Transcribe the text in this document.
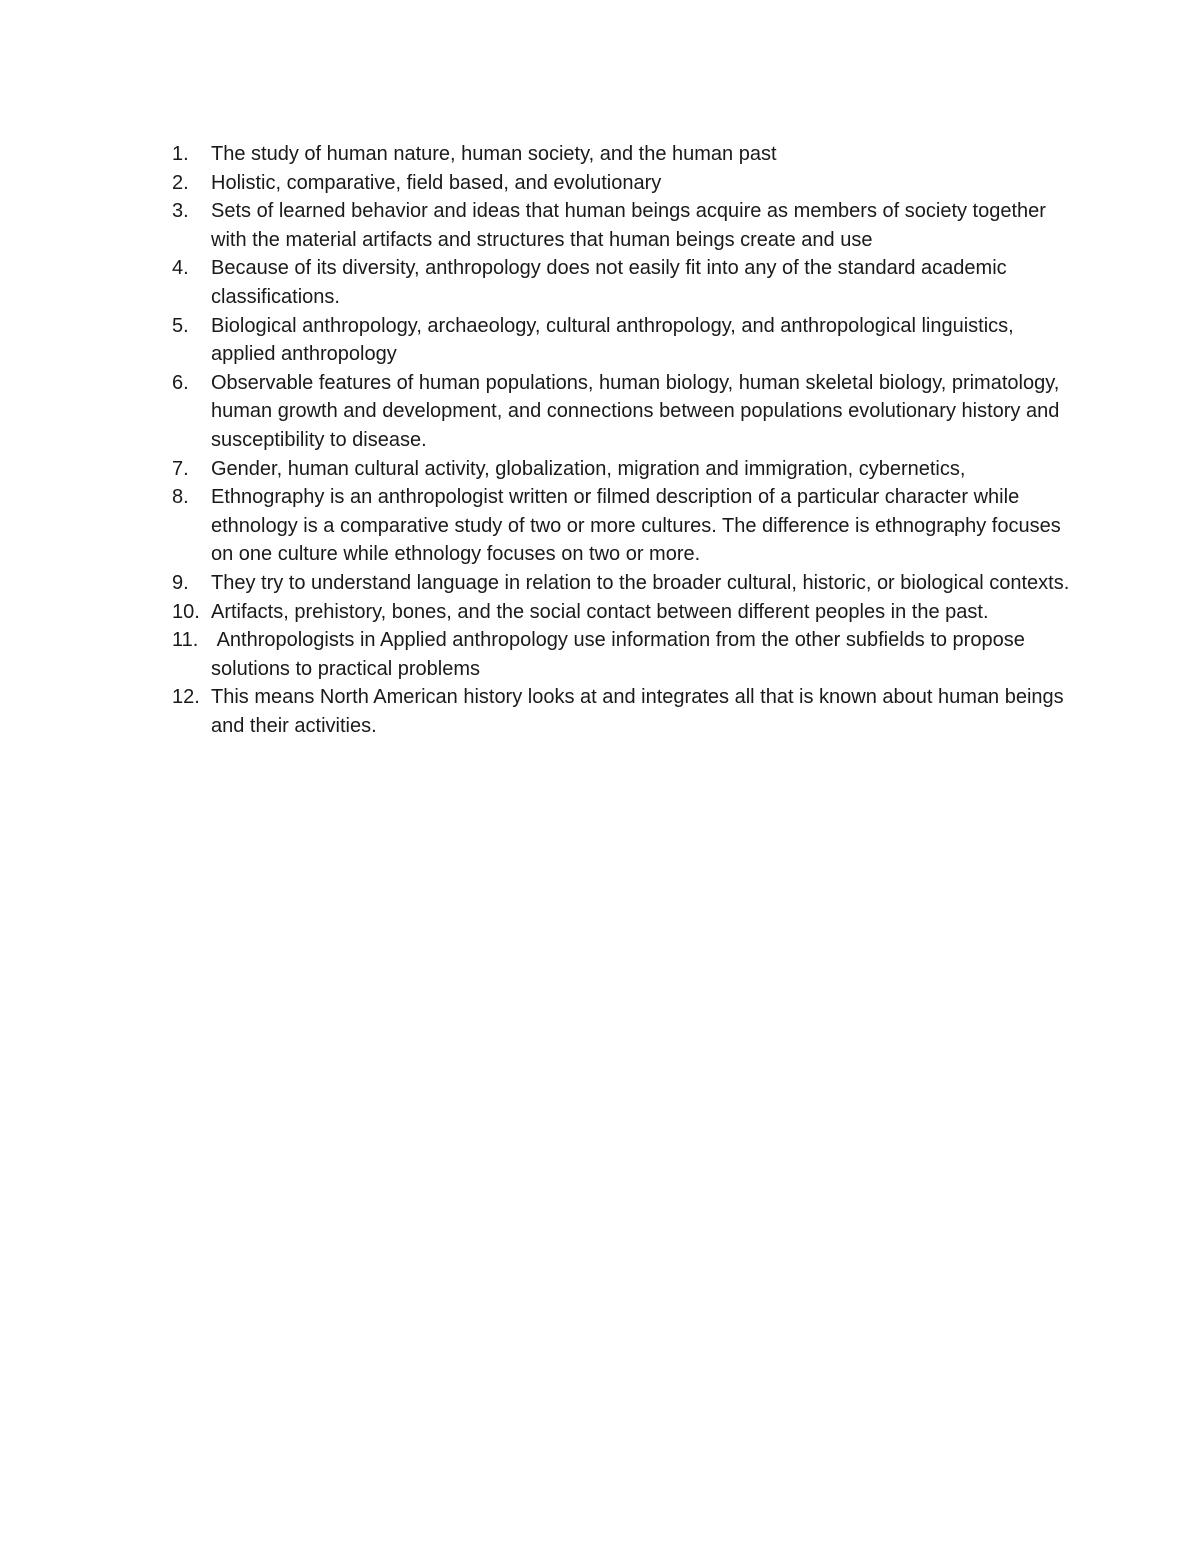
1.	The study of human nature, human society, and the human past
2.	Holistic, comparative, field based, and evolutionary
3.	Sets of learned behavior and ideas that human beings acquire as members of society together with the material artifacts and structures that human beings create and use
4.	Because of its diversity, anthropology does not easily fit into any of the standard academic classifications.
5.	Biological anthropology, archaeology, cultural anthropology, and anthropological linguistics, applied anthropology
6.	Observable features of human populations, human biology, human skeletal biology, primatology, human growth and development, and connections between populations evolutionary history and susceptibility to disease.
7.	Gender, human cultural activity, globalization, migration and immigration, cybernetics,
8.	Ethnography is an anthropologist written or filmed description of a particular character while ethnology is a comparative study of two or more cultures. The difference is ethnography focuses on one culture while ethnology focuses on two or more.
9.	They try to understand language in relation to the broader cultural, historic, or biological contexts.
10. Artifacts, prehistory, bones, and the social contact between different peoples in the past.
11. Anthropologists in Applied anthropology use information from the other subfields to propose solutions to practical problems
12. This means North American history looks at and integrates all that is known about human beings and their activities.
